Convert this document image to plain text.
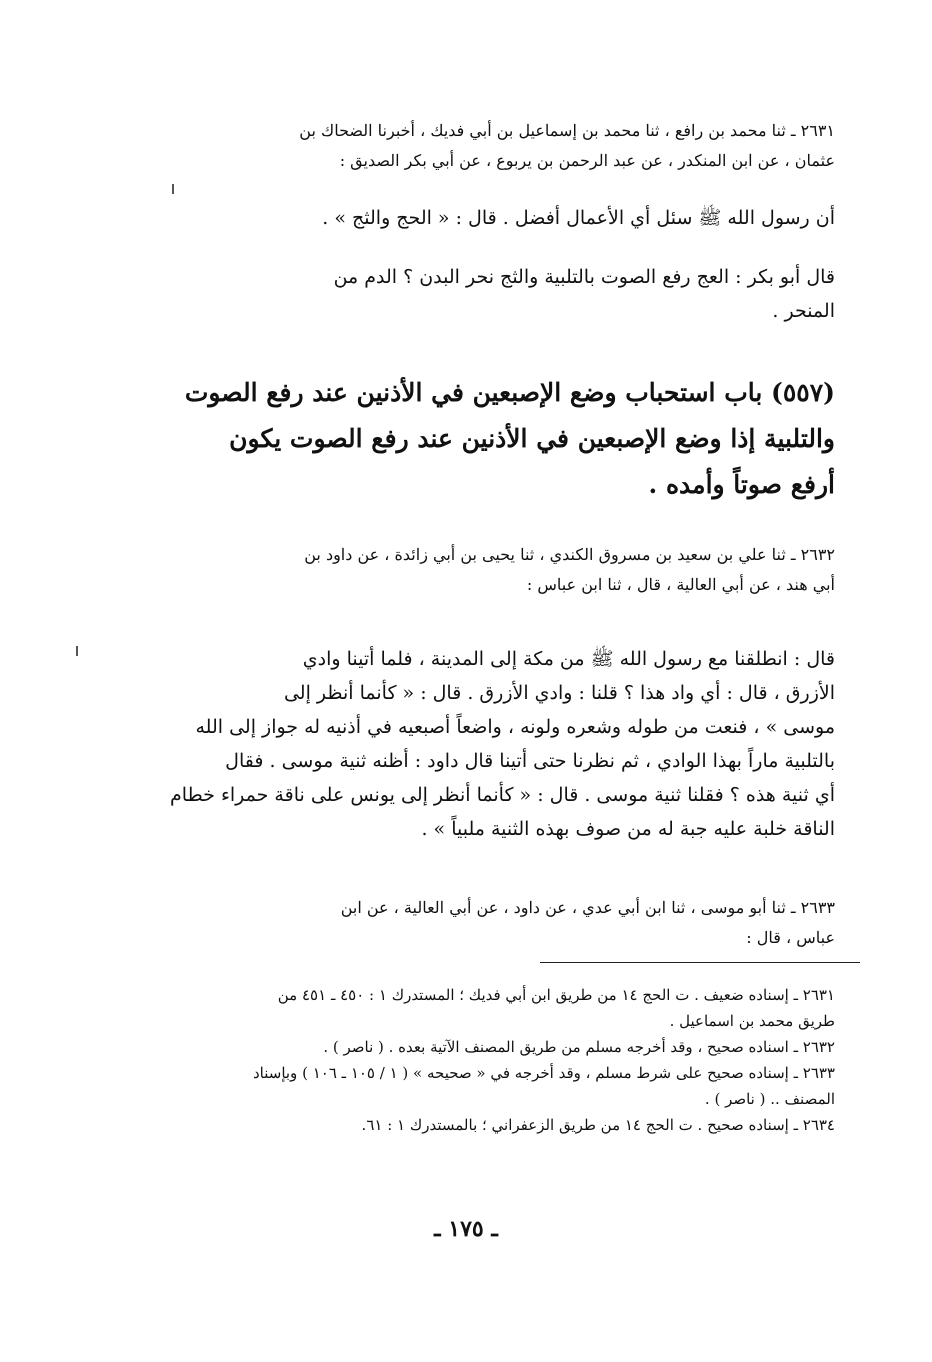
٢٦٣١ ـ ثنا محمد بن رافع ، ثنا محمد بن إسماعيل بن أبي فديك ، أخبرنا الضحاك بن
عثمان ، عن ابن المنكدر ، عن عبد الرحمن بن يربوع ، عن أبي بكر الصديق :
أن رسول الله ﷺ سئل أي الأعمال أفضل . قال : « الحج والثج » .
قال أبو بكر : العج رفع الصوت بالتلبية والثج نحر البدن ؟ الدم من
المنحر .
(٥٥٧) باب استحباب وضع الإصبعين في الأذنين عند رفع الصوت
والتلبية إذا وضع الإصبعين في الأذنين عند رفع الصوت يكون
أرفع صوتاً وأمده .
٢٦٣٢ ـ ثنا علي بن سعيد بن مسروق الكندي ، ثنا يحيى بن أبي زائدة ، عن داود بن
أبي هند ، عن أبي العالية ، قال ، ثنا ابن عباس :
قال : انطلقنا مع رسول الله ﷺ من مكة إلى المدينة ، فلما أتينا وادي
الأزرق ، قال : أي واد هذا ؟ قلنا : وادي الأزرق . قال : « كأنما أنظر إلى
موسى » ، فنعت من طوله وشعره ولونه ، واضعاً أصبعيه في أذنيه له جواز إلى الله
بالتلبية ماراً بهذا الوادي ، ثم نظرنا حتى أتينا قال داود : أظنه ثنية موسى . فقال
أي ثنية هذه ؟ فقلنا ثنية موسى . قال : « كأنما أنظر إلى يونس على ناقة حمراء خطام
الناقة خلبة عليه جبة له من صوف بهذه الثنية ملبياً » .
٢٦٣٣ ـ ثنا أبو موسى ، ثنا ابن أبي عدي ، عن داود ، عن أبي العالية ، عن ابن
عباس ، قال :
٢٦٣١ ـ إسناده ضعيف . ت الحج ١٤ من طريق ابن أبي فديك ؛ المستدرك ١ : ٤٥٠ ـ ٤٥١ من
طريق محمد بن اسماعيل .
٢٦٣٢ ـ اسناده صحيح ، وقد أخرجه مسلم من طريق المصنف الآتية بعده . ( ناصر ) .
٢٦٣٣ ـ إسناده صحيح على شرط مسلم ، وقد أخرجه في « صحيحه » ( ١ / ١٠٥ ـ ١٠٦ ) وبإسناد
المصنف .. ( ناصر ) .
٢٦٣٤ ـ إسناده صحيح . ت الحج ١٤ من طريق الزعفراني ؛ بالمستدرك ١ : ٦١.
ـ ١٧٥ ـ
